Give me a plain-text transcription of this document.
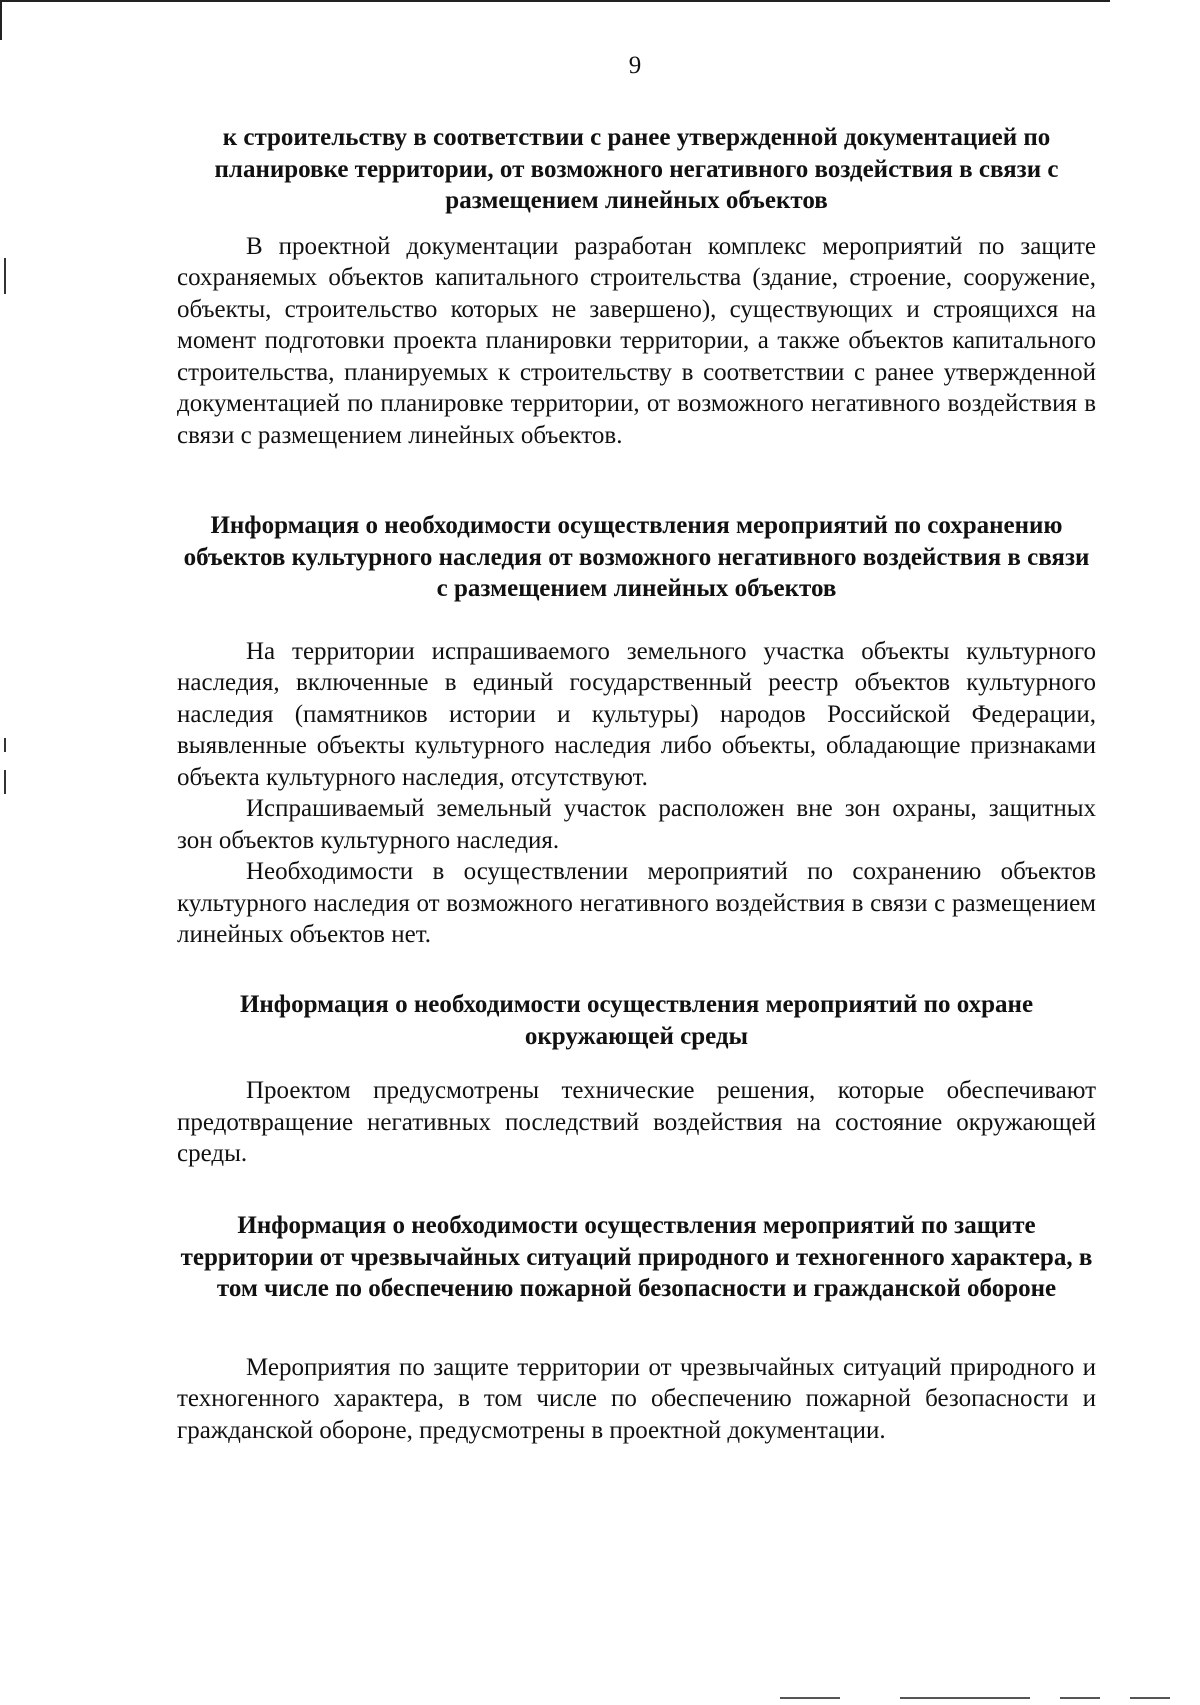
9
к строительству в соответствии с ранее утвержденной документацией по планировке территории, от возможного негативного воздействия в связи с размещением линейных объектов

В проектной документации разработан комплекс мероприятий по защите сохраняемых объектов капитального строительства (здание, строение, сооружение, объекты, строительство которых не завершено), существующих и строящихся на момент подготовки проекта планировки территории, а также объектов капитального строительства, планируемых к строительству в соответствии с ранее утвержденной документацией по планировке территории, от возможного негативного воздействия в связи с размещением линейных объектов.

Информация о необходимости осуществления мероприятий по сохранению объектов культурного наследия от возможного негативного воздействия в связи с размещением линейных объектов

На территории испрашиваемого земельного участка объекты культурного наследия, включенные в единый государственный реестр объектов культурного наследия (памятников истории и культуры) народов Российской Федерации, выявленные объекты культурного наследия либо объекты, обладающие признаками объекта культурного наследия, отсутствуют.

Испрашиваемый земельный участок расположен вне зон охраны, защитных зон объектов культурного наследия.

Необходимости в осуществлении мероприятий по сохранению объектов культурного наследия от возможного негативного воздействия в связи с размещением линейных объектов нет.

Информация о необходимости осуществления мероприятий по охране окружающей среды

Проектом предусмотрены технические решения, которые обеспечивают предотвращение негативных последствий воздействия на состояние окружающей среды.

Информация о необходимости осуществления мероприятий по защите территории от чрезвычайных ситуаций природного и техногенного характера, в том числе по обеспечению пожарной безопасности и гражданской обороне

Мероприятия по защите территории от чрезвычайных ситуаций природного и техногенного характера, в том числе по обеспечению пожарной безопасности и гражданской обороне, предусмотрены в проектной документации.
